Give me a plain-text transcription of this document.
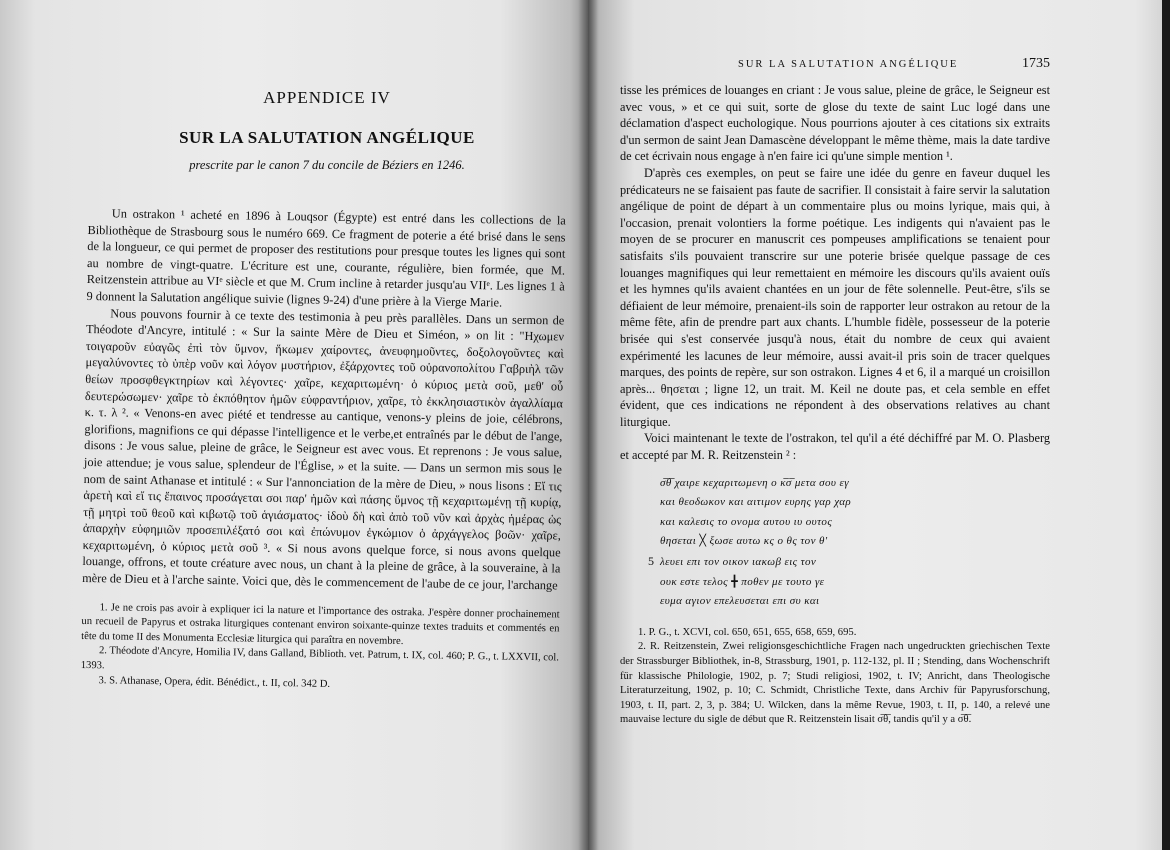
APPENDICE IV
SUR LA SALUTATION ANGÉLIQUE
prescrite par le canon 7 du concile de Béziers en 1246.

Un ostrakon ¹ acheté en 1896 à Louqsor (Égypte) est entré dans les collections de la Bibliothèque de Strasbourg sous le numéro 669. Ce fragment de poterie a été brisé dans le sens de la longueur, ce qui permet de proposer des restitutions pour presque toutes les lignes qui sont au nombre de vingt-quatre. L'écriture est une, courante, régulière, bien formée, que M. Reitzenstein attribue au VIᵉ siècle et que M. Crum incline à retarder jusqu'au VIIᵉ. Les lignes 1 à 9 donnent la Salutation angélique suivie (lignes 9-24) d'une prière à la Vierge Marie.

Nous pouvons fournir à ce texte des testimonia à peu près parallèles. Dans un sermon de Théodote d'Ancyre, intitulé : « Sur la sainte Mère de Dieu et Siméon, » on lit : "Ηχωμεν τοιγαροῦν εὐαγῶς ἐπὶ τὸν ὕμνον, ἥκωμεν χαίροντες, ἀνευφημοῦντες, δοξολογοῦντες καὶ μεγαλύνοντες τὸ ὑπὲρ νοῦν καὶ λόγον μυστήριον, ἐξάρχοντες τοῦ οὐρανοπολίτου Γαβριὴλ τῶν θείων προσφθεγκτηρίων καὶ λέγοντες· χαῖρε, κεχαριτωμένη· ὁ κύριος μετὰ σοῦ, μεθ' οὗ δευτερώσωμεν· χαῖρε τὸ ἐκπόθητον ἡμῶν εὐφραντήριον, χαῖρε, τὸ ἐκκλησιαστικὸν ἀγαλλίαμα κ. τ. λ ². « Venons-en avec piété et tendresse au cantique, venons-y pleins de joie, célébrons, glorifions, magnifions ce qui dépasse l'intelligence et le verbe,et entraînés par le début de l'ange, disons : Je vous salue, pleine de grâce, le Seigneur est avec vous. Et reprenons : Je vous salue, joie attendue; je vous salue, splendeur de l'Église, » et la suite. — Dans un sermon mis sous le nom de saint Athanase et intitulé : « Sur l'annonciation de la mère de Dieu, » nous lisons : Εἴ τις ἀρετὴ καὶ εἴ τις ἔπαινος προσάγεται σοι παρ' ἡμῶν καὶ πάσης ὕμνος τῇ κεχαριτωμένῃ τῇ κυρίᾳ, τῇ μητρὶ τοῦ θεοῦ καὶ κιβωτῷ τοῦ ἁγιάσματος· ἰδοὺ δὴ καὶ ἀπὸ τοῦ νῦν καὶ ἀρχὰς ἡμέρας ὡς ἀπαρχὴν εὐφημιῶν προσεπιλέξατό σοι καὶ ἐπώνυμον ἐγκώμιον ὁ ἀρχάγγελος βοῶν· χαῖρε, κεχαριτωμένη, ὁ κύριος μετὰ σοῦ ³. « Si nous avons quelque force, si nous avons quelque louange, offrons, et toute créature avec nous, un chant à la pleine de grâce, à la souveraine, à la mère de Dieu et à l'arche sainte. Voici que, dès le commencement de l'aube de ce jour, l'archange

1. Je ne crois pas avoir à expliquer ici la nature et l'importance des ostraka. J'espère donner prochainement un recueil de Papyrus et ostraka liturgiques contenant environ soixante-quinze textes traduits et commentés en tête du tome II des Monumenta Ecclesiæ liturgica qui paraîtra en novembre.

2. Théodote d'Ancyre, Homilia IV, dans Galland, Biblioth. vet. Patrum, t. IX, col. 460; P. G., t. LXXVII, col. 1393.

3. S. Athanase, Opera, édit. Bénédict., t. II, col. 342 D.

SUR LA SALUTATION ANGÉLIQUE	1735

tisse les prémices de louanges en criant : Je vous salue, pleine de grâce, le Seigneur est avec vous, » et ce qui suit, sorte de glose du texte de saint Luc logé dans une déclamation d'aspect euchologique. Nous pourrions ajouter à ces citations six extraits d'un sermon de saint Jean Damascène développant le même thème, mais la date tardive de cet écrivain nous engage à n'en faire ici qu'une simple mention ¹.

D'après ces exemples, on peut se faire une idée du genre en faveur duquel les prédicateurs ne se faisaient pas faute de sacrifier. Il consistait à faire servir la salutation angélique de point de départ à un commentaire plus ou moins lyrique, mais qui, à l'occasion, prenait volontiers la forme poétique. Les indigents qui n'avaient pas le moyen de se procurer en manuscrit ces pompeuses amplifications se tenaient pour satisfaits s'ils pouvaient transcrire sur une poterie brisée quelque passage de ces louanges magnifiques qui leur remettaient en mémoire les discours qu'ils avaient ouïs et les hymnes qu'ils avaient chantées en un jour de fête solennelle. Peut-être, s'ils se défiaient de leur mémoire, prenaient-ils soin de rapporter leur ostrakon au retour de la même fête, afin de prendre part aux chants. L'humble fidèle, possesseur de la poterie brisée qui s'est conservée jusqu'à nous, était du nombre de ceux qui avaient expérimenté les lacunes de leur mémoire, aussi avait-il pris soin de tracer quelques marques, des points de repère, sur son ostrakon. Lignes 4 et 6, il a marqué un croisillon après... θησεται ; ligne 12, un trait. M. Keil ne doute pas, et cela semble en effet évident, que ces indications ne répondent à des observations relatives au chant liturgique.

Voici maintenant le texte de l'ostrakon, tel qu'il a été déchiffré par M. O. Plasberg et accepté par M. R. Reitzenstein ² :

σ̅θ̅ χαιρε κεχαριτωμενη ο κ̅σ̅ μετα σου εγ
και θεοδωκον και αιτιμον ευρης γαρ χαρ
και καλεσις το ονομα αυτου ιυ ουτος
θησεται ╳ ξωσε αυτω κς ο θς τον θ'
5 λευει επι τον οικον ιακωβ εις τον
ουκ εστε τελος ╋ ποθεν με τουτο γε
ευμα αγιον επελευσεται επι συ και

1. P. G., t. XCVI, col. 650, 651, 655, 658, 659, 695.

2. R. Reitzenstein, Zwei religionsgeschichtliche Fragen nach ungedruckten griechischen Texte der Strassburger Bibliothek, in-8, Strassburg, 1901, p. 112-132, pl. II ; Stending, dans Wochenschrift für klassische Philologie, 1902, p. 7; Studi religiosi, 1902, t. IV; Anricht, dans Theologische Literaturzeitung, 1902, p. 10; C. Schmidt, Christliche Texte, dans Archiv für Papyrusforschung, 1903, t. II, part. 2, 3, p. 384; U. Wilcken, dans la même Revue, 1903, t. II, p. 140, a relevé une mauvaise lecture du sigle de début que R. Reitzenstein lisait σ̅θ̅, tandis qu'il y a σ̅θ̅.
